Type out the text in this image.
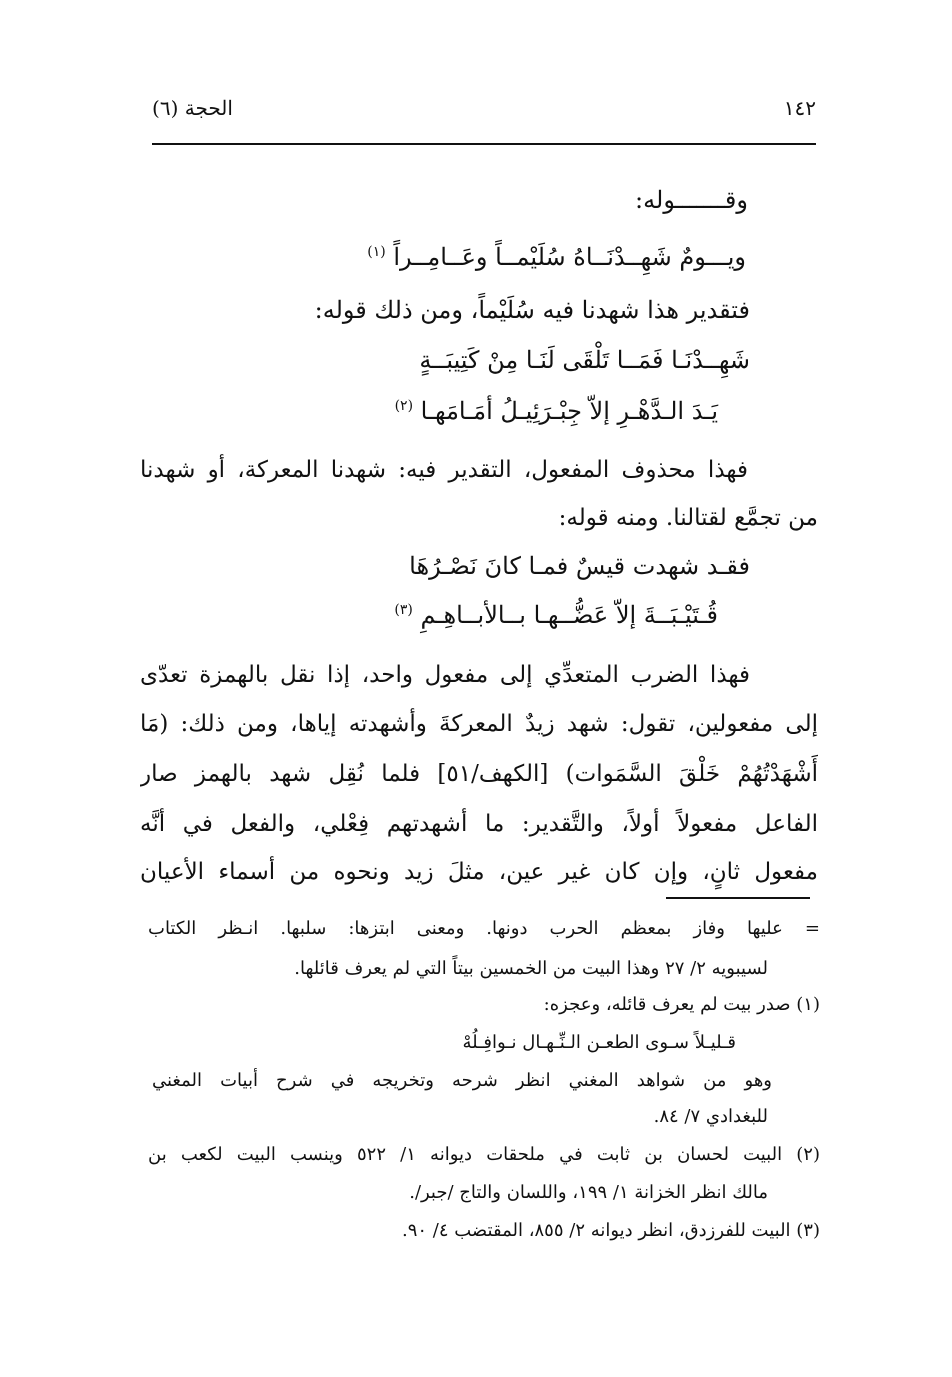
١٤٢
الحجة (٦)
وقـــــــوله:
ويـــومٌ شَهِــدْنَــاهُ سُلَيْمــاً وعَــامِــراً $^{(١)}$
فتقدير هذا شهدنا فيه سُلَيْماً، ومن ذلك قوله:
شَهِــدْنَـا فَمَــا تَلْقَى لَنَـا مِنْ كَتِيبَــةٍ
يَـدَ الـدَّهْـرِ إلاّ جِبْـرَئِيـلُ أمَـامَهـا $^{(٢)}$
فهذا محذوف المفعول، التقدير فيه: شهدنا المعركة، أو شهدنا
من تجمَّع لقتالنا. ومنه قوله:
فقـد شهدت قيسٌ فمـا كانَ نَصْـرُهَا
قُـتَيْـبَــةَ إلاّ عَضُّــهـا بــالأبــاهِـمِ $^{(٣)}$
فهذا الضرب المتعدِّي إلى مفعول واحد، إذا نقل بالهمزة تعدّى
إلى مفعولين، تقول: شهد زيدٌ المعركةَ وأشهدته إياها، ومن ذلك: (مَا
أَشْهَدْتُهُمْ خَلْقَ السَّمَوات) [الكهف/٥١] فلما نُقِل شهد بالهمز صار
الفاعل مفعولاً أولاً، والتَّقدير: ما أشهدتهم فِعْلي، والفعل في أنَّه
مفعول ثانٍ، وإن كان غير عين، مثلَ زيد ونحوه من أسماء الأعيان
= عليها وفاز بمعظم الحرب دونها. ومعنى ابتزها: سلبها. انـظر الكتاب
لسيبويه ٢/ ٢٧ وهذا البيت من الخمسين بيتاً التي لم يعرف قائلها.
(١) صدر بيت لم يعرف قائله، وعجزه:
قـليـلاً سـوى الطعـن الـنِّـهـال نـوافِـلُهْ
وهو من شواهد المغني انظر شرحه وتخريجه في شرح أبيات المغني
للبغدادي ٧/ ٨٤.
(٢) البيت لحسان بن ثابت في ملحقات ديوانه ١/ ٥٢٢ وينسب البيت لكعب بن
مالك انظر الخزانة ١/ ١٩٩، واللسان والتاج /جبر/.
(٣) البيت للفرزدق، انظر ديوانه ٢/ ٨٥٥، المقتضب ٤/ ٩٠.
